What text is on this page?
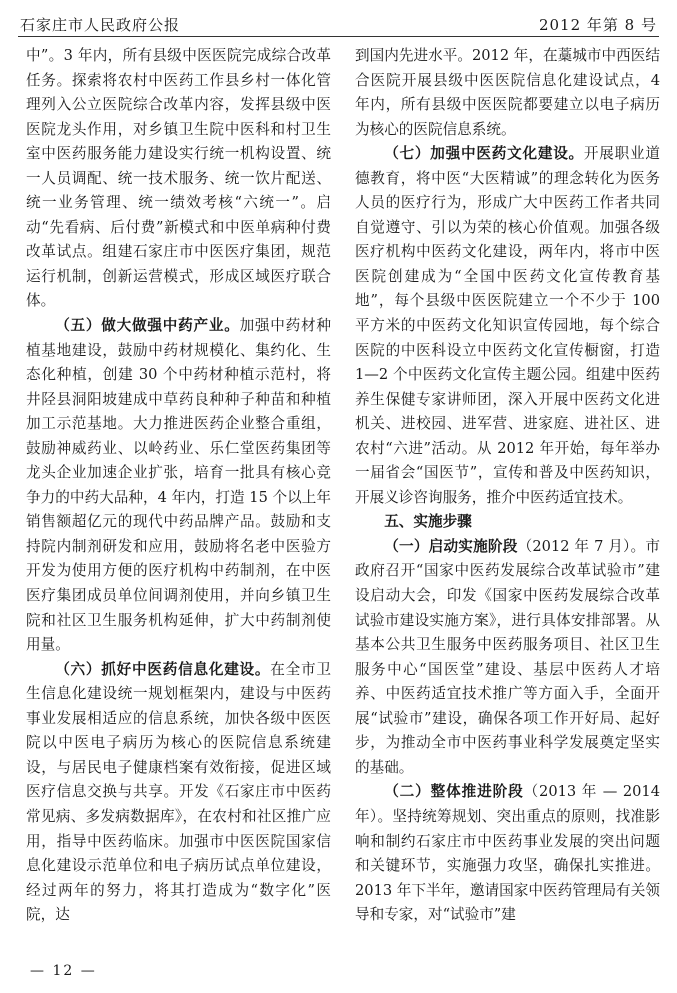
石家庄市人民政府公报	2012 年第 8 号

中”。3 年内，所有县级中医医院完成综合改革任务。探索将农村中医药工作县乡村一体化管理列入公立医院综合改革内容，发挥县级中医医院龙头作用，对乡镇卫生院中医科和村卫生室中医药服务能力建设实行统一机构设置、统一人员调配、统一技术服务、统一饮片配送、统一业务管理、统一绩效考核“六统一”。启动“先看病、后付费”新模式和中医单病种付费改革试点。组建石家庄市中医医疗集团，规范运行机制，创新运营模式，形成区域医疗联合体。

（五）做大做强中药产业。加强中药材种植基地建设，鼓励中药材规模化、集约化、生态化种植，创建 30 个中药材种植示范村，将井陉县洞阳坡建成中草药良种种子种苗和种植加工示范基地。大力推进医药企业整合重组，鼓励神威药业、以岭药业、乐仁堂医药集团等龙头企业加速企业扩张，培育一批具有核心竞争力的中药大品种，4 年内，打造 15 个以上年销售额超亿元的现代中药品牌产品。鼓励和支持院内制剂研发和应用，鼓励将名老中医验方开发为使用方便的医疗机构中药制剂，在中医医疗集团成员单位间调剂使用，并向乡镇卫生院和社区卫生服务机构延伸，扩大中药制剂使用量。

（六）抓好中医药信息化建设。在全市卫生信息化建设统一规划框架内，建设与中医药事业发展相适应的信息系统，加快各级中医医院以中医电子病历为核心的医院信息系统建设，与居民电子健康档案有效衔接，促进区域医疗信息交换与共享。开发《石家庄市中医药常见病、多发病数据库》，在农村和社区推广应用，指导中医药临床。加强市中医医院国家信息化建设示范单位和电子病历试点单位建设，经过两年的努力，将其打造成为“数字化”医院，达

到国内先进水平。2012 年，在藁城市中西医结合医院开展县级中医医院信息化建设试点，4 年内，所有县级中医医院都要建立以电子病历为核心的医院信息系统。

（七）加强中医药文化建设。开展职业道德教育，将中医“大医精诚”的理念转化为医务人员的医疗行为，形成广大中医药工作者共同自觉遵守、引以为荣的核心价值观。加强各级医疗机构中医药文化建设，两年内，将市中医医院创建成为“全国中医药文化宣传教育基地”，每个县级中医医院建立一个不少于 100 平方米的中医药文化知识宣传园地，每个综合医院的中医科设立中医药文化宣传橱窗，打造 1—2 个中医药文化宣传主题公园。组建中医药养生保健专家讲师团，深入开展中医药文化进机关、进校园、进军营、进家庭、进社区、进农村“六进”活动。从 2012 年开始，每年举办一届省会“国医节”，宣传和普及中医药知识，开展义诊咨询服务，推介中医药适宜技术。

五、实施步骤

（一）启动实施阶段（2012 年 7 月）。市政府召开“国家中医药发展综合改革试验市”建设启动大会，印发《国家中医药发展综合改革试验市建设实施方案》，进行具体安排部署。从基本公共卫生服务中医药服务项目、社区卫生服务中心“国医堂”建设、基层中医药人才培养、中医药适宜技术推广等方面入手，全面开展“试验市”建设，确保各项工作开好局、起好步，为推动全市中医药事业科学发展奠定坚实的基础。

（二）整体推进阶段（2013 年 — 2014 年）。坚持统筹规划、突出重点的原则，找准影响和制约石家庄市中医药事业发展的突出问题和关键环节，实施强力攻坚，确保扎实推进。2013 年下半年，邀请国家中医药管理局有关领导和专家，对“试验市”建

— 12 —
